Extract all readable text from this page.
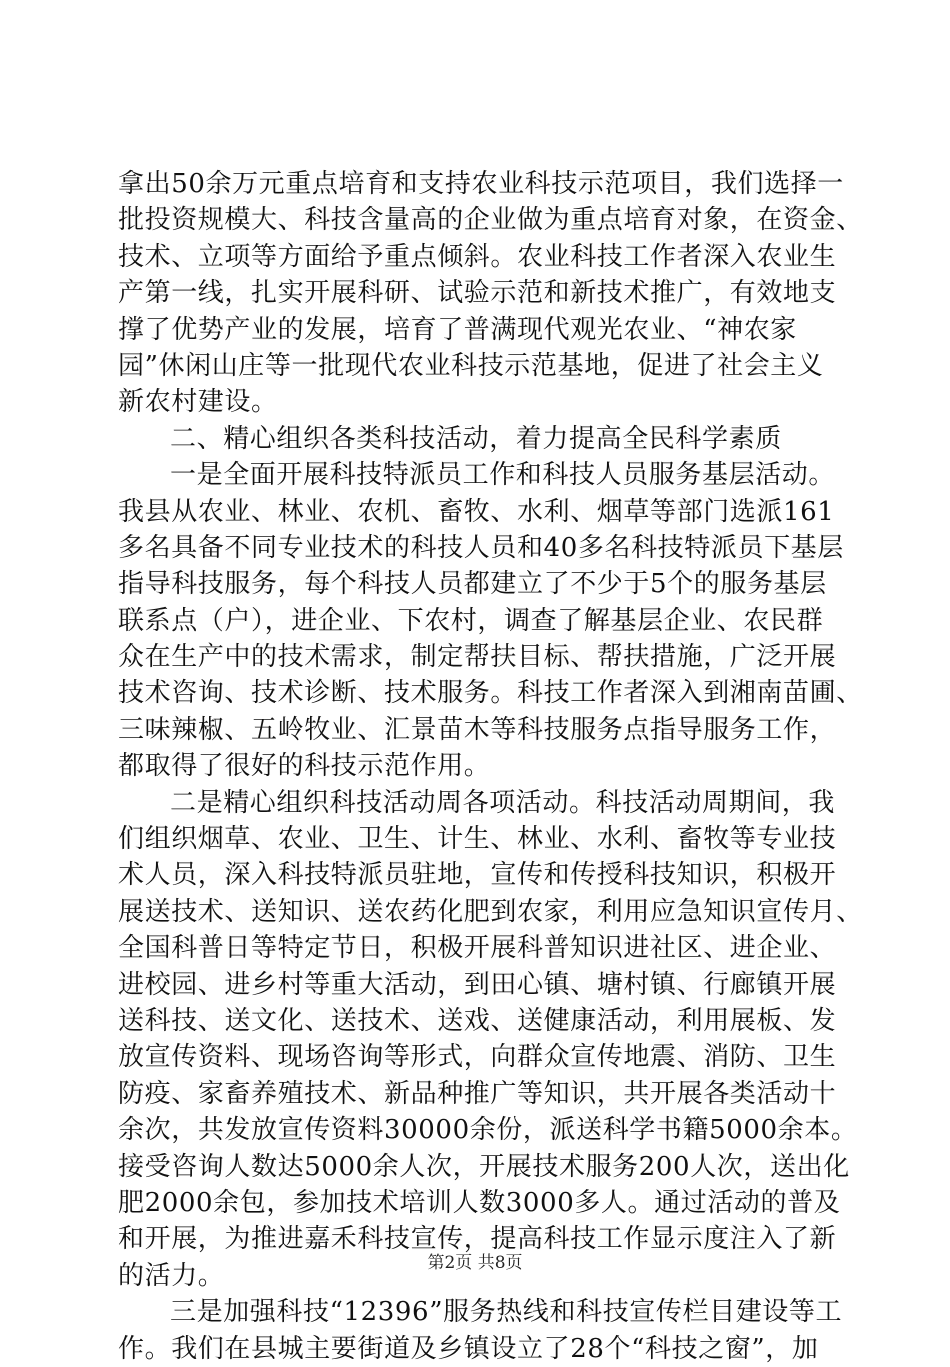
拿出50余万元重点培育和支持农业科技示范项目，我们选择一
批投资规模大、科技含量高的企业做为重点培育对象，在资金、
技术、立项等方面给予重点倾斜。农业科技工作者深入农业生
产第一线，扎实开展科研、试验示范和新技术推广，有效地支
撑了优势产业的发展，培育了普满现代观光农业、“神农家
园”休闲山庄等一批现代农业科技示范基地，促进了社会主义
新农村建设。
二、精心组织各类科技活动，着力提高全民科学素质
一是全面开展科技特派员工作和科技人员服务基层活动。
我县从农业、林业、农机、畜牧、水利、烟草等部门选派161
多名具备不同专业技术的科技人员和40多名科技特派员下基层
指导科技服务，每个科技人员都建立了不少于5个的服务基层
联系点（户），进企业、下农村，调查了解基层企业、农民群
众在生产中的技术需求，制定帮扶目标、帮扶措施，广泛开展
技术咨询、技术诊断、技术服务。科技工作者深入到湘南苗圃、
三味辣椒、五岭牧业、汇景苗木等科技服务点指导服务工作，
都取得了很好的科技示范作用。
二是精心组织科技活动周各项活动。科技活动周期间，我
们组织烟草、农业、卫生、计生、林业、水利、畜牧等专业技
术人员，深入科技特派员驻地，宣传和传授科技知识，积极开
展送技术、送知识、送农药化肥到农家，利用应急知识宣传月、
全国科普日等特定节日，积极开展科普知识进社区、进企业、
进校园、进乡村等重大活动，到田心镇、塘村镇、行廊镇开展
送科技、送文化、送技术、送戏、送健康活动，利用展板、发
放宣传资料、现场咨询等形式，向群众宣传地震、消防、卫生
防疫、家畜养殖技术、新品种推广等知识，共开展各类活动十
余次，共发放宣传资料30000余份，派送科学书籍5000余本。
接受咨询人数达5000余人次，开展技术服务200人次，送出化
肥2000余包，参加技术培训人数3000多人。通过活动的普及
和开展，为推进嘉禾科技宣传，提高科技工作显示度注入了新
的活力。
三是加强科技“12396”服务热线和科技宣传栏目建设等工
作。我们在县城主要街道及乡镇设立了28个“科技之窗”，加
第2页 共8页
